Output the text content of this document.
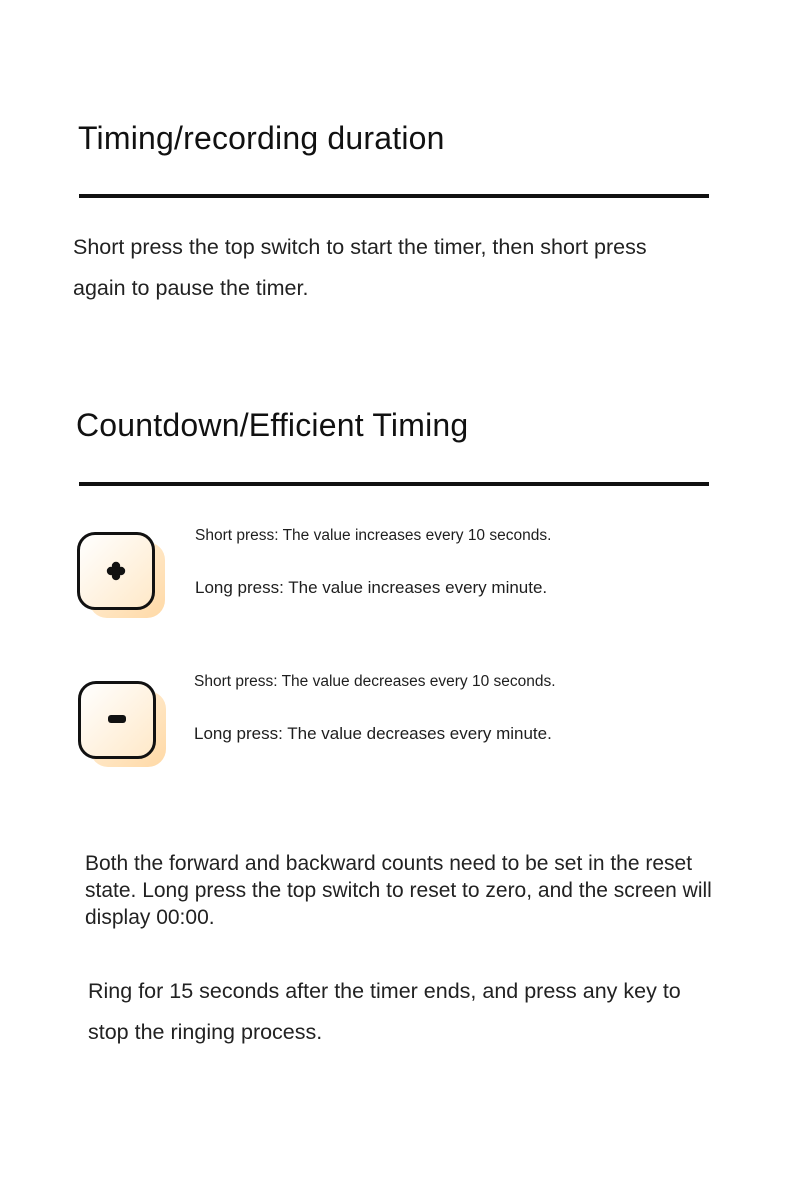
Timing/recording duration
Short press the top switch to start the timer, then short press again to pause the timer.
Countdown/Efficient Timing
Short press: The value increases every 10 seconds.
Long press: The value increases every minute.
Short press: The value decreases every 10 seconds.
Long press: The value decreases every minute.
Both the forward and backward counts need to be set in the reset state. Long press the top switch to reset to zero, and the screen will display 00:00.
Ring for 15 seconds after the timer ends, and press any key to stop the ringing process.
